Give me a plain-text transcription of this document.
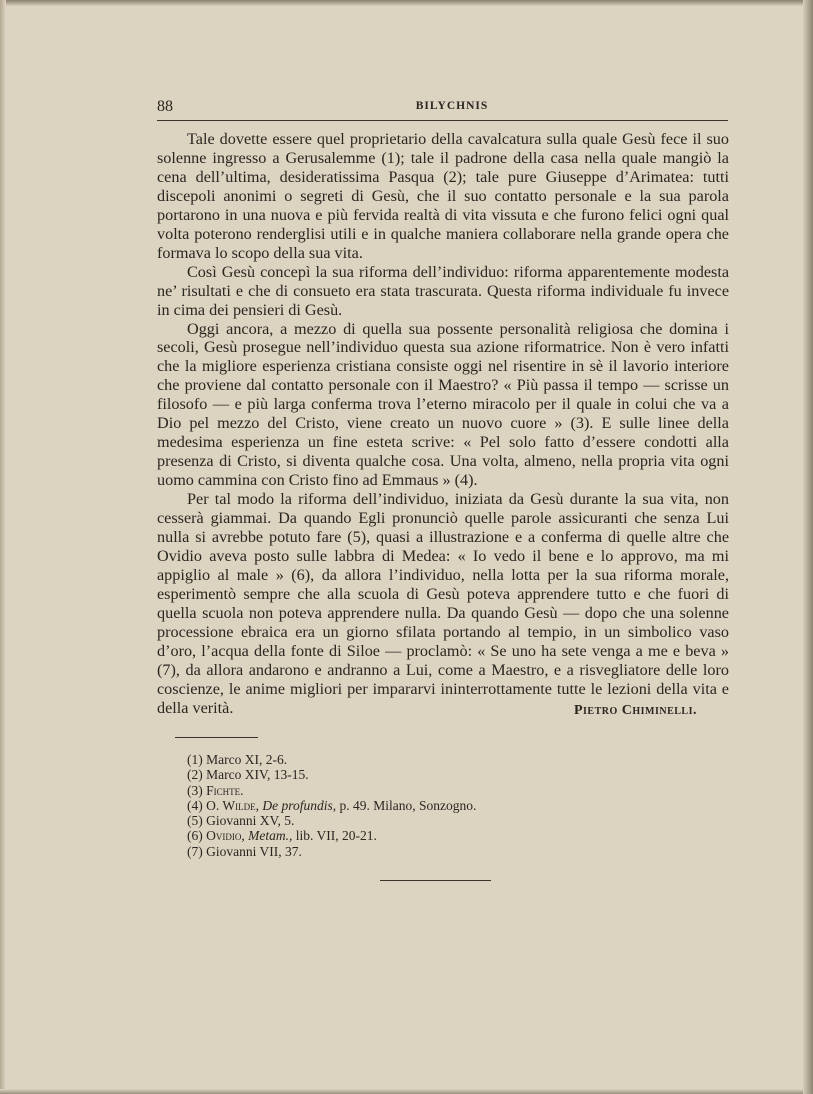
88	BILYCHNIS

Tale dovette essere quel proprietario della cavalcatura sulla quale Gesù fece il suo solenne ingresso a Gerusalemme (1); tale il padrone della casa nella quale mangiò la cena dell’ultima, desideratissima Pasqua (2); tale pure Giuseppe d’Arimatea: tutti discepoli anonimi o segreti di Gesù, che il suo contatto personale e la sua parola portarono in una nuova e più fervida realtà di vita vissuta e che furono felici ogni qual volta poterono renderglisi utili e in qualche maniera collaborare nella grande opera che formava lo scopo della sua vita.

Così Gesù concepì la sua riforma dell’individuo: riforma apparentemente modesta ne’ risultati e che di consueto era stata trascurata. Questa riforma individuale fu invece in cima dei pensieri di Gesù.

Oggi ancora, a mezzo di quella sua possente personalità religiosa che domina i secoli, Gesù prosegue nell’individuo questa sua azione riformatrice. Non è vero infatti che la migliore esperienza cristiana consiste oggi nel risentire in sè il lavorio interiore che proviene dal contatto personale con il Maestro? « Più passa il tempo — scrisse un filosofo — e più larga conferma trova l’eterno miracolo per il quale in colui che va a Dio pel mezzo del Cristo, viene creato un nuovo cuore » (3). E sulle linee della medesima esperienza un fine esteta scrive: « Pel solo fatto d’essere condotti alla presenza di Cristo, si diventa qualche cosa. Una volta, almeno, nella propria vita ogni uomo cammina con Cristo fino ad Emmaus » (4).

Per tal modo la riforma dell’individuo, iniziata da Gesù durante la sua vita, non cesserà giammai. Da quando Egli pronunciò quelle parole assicuranti che senza Lui nulla si avrebbe potuto fare (5), quasi a illustrazione e a conferma di quelle altre che Ovidio aveva posto sulle labbra di Medea: « Io vedo il bene e lo approvo, ma mi appiglio al male » (6), da allora l’individuo, nella lotta per la sua riforma morale, esperimentò sempre che alla scuola di Gesù poteva apprendere tutto e che fuori di quella scuola non poteva apprendere nulla. Da quando Gesù — dopo che una solenne processione ebraica era un giorno sfilata portando al tempio, in un simbolico vaso d’oro, l’acqua della fonte di Siloe — proclamò: « Se uno ha sete venga a me e beva » (7), da allora andarono e andranno a Lui, come a Maestro, e a risvegliatore delle loro coscienze, le anime migliori per impararvi ininterrottamente tutte le lezioni della vita e della verità.	Pietro Chiminelli.
(1) Marco XI, 2-6.
(2) Marco XIV, 13-15.
(3) Fichte.
(4) O. Wilde, De profundis, p. 49. Milano, Sonzogno.
(5) Giovanni XV, 5.
(6) Ovidio, Metam., lib. VII, 20-21.
(7) Giovanni VII, 37.
